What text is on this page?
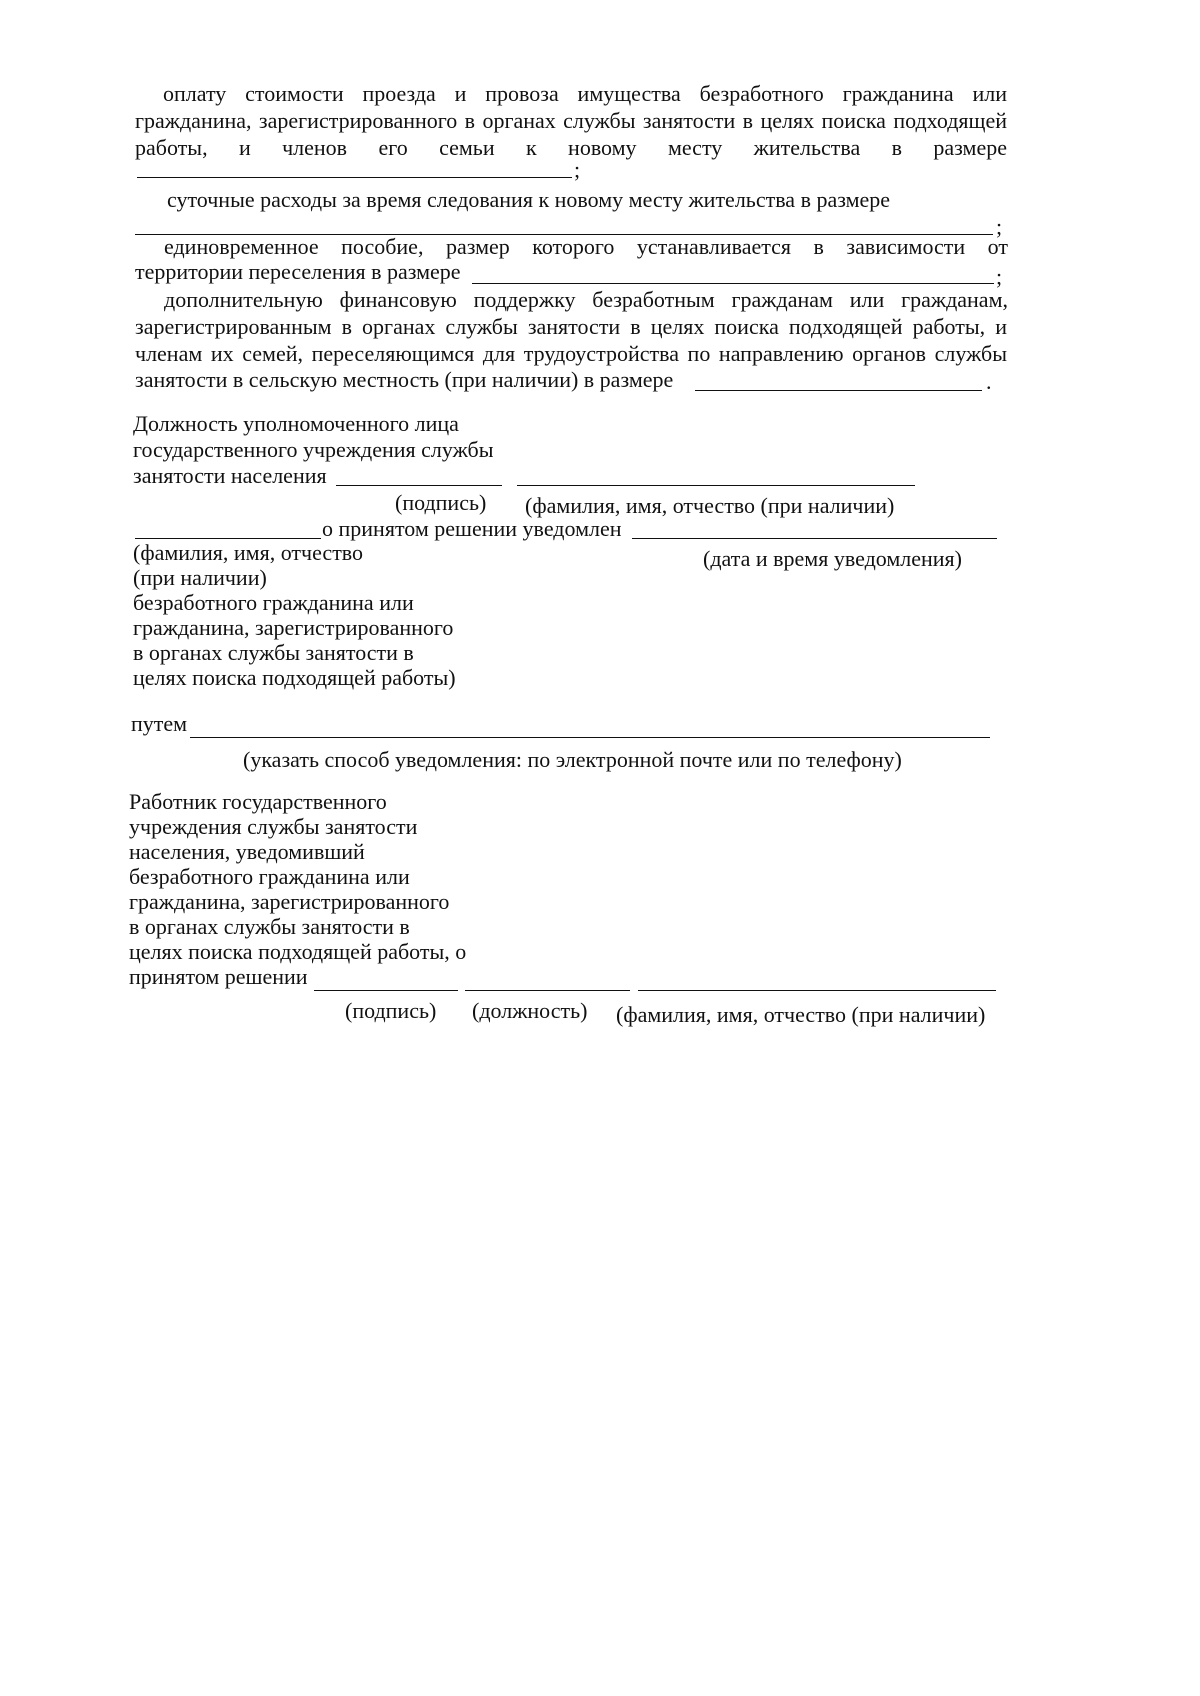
оплату стоимости проезда и провоза имущества безработного гражданина или
гражданина, зарегистрированного в органах службы занятости в целях поиска подходящей
работы, и членов его семьи к новому месту жительства в размере
;
суточные расходы за время следования к новому месту жительства в размере
;
единовременное пособие, размер которого устанавливается в зависимости от
территории переселения в размере	;
дополнительную финансовую поддержку безработным гражданам или гражданам,
зарегистрированным в органах службы занятости в целях поиска подходящей работы, и
членам их семей, переселяющимся для трудоустройства по направлению органов службы
занятости в сельскую местность (при наличии) в размере	.
Должность уполномоченного лица
государственного учреждения службы
занятости населения
(подпись) (фамилия, имя, отчество (при наличии)
о принятом решении уведомлен
(фамилия, имя, отчество
(при наличии)
безработного гражданина или
гражданина, зарегистрированного
в органах службы занятости в
целях поиска подходящей работы)
(дата и время уведомления)
путем
(указать способ уведомления: по электронной почте или по телефону)
Работник государственного
учреждения службы занятости
населения, уведомивший
безработного гражданина или
гражданина, зарегистрированного
в органах службы занятости в
целях поиска подходящей работы, о
принятом решении
(подпись) (должность) (фамилия, имя, отчество (при наличии)
